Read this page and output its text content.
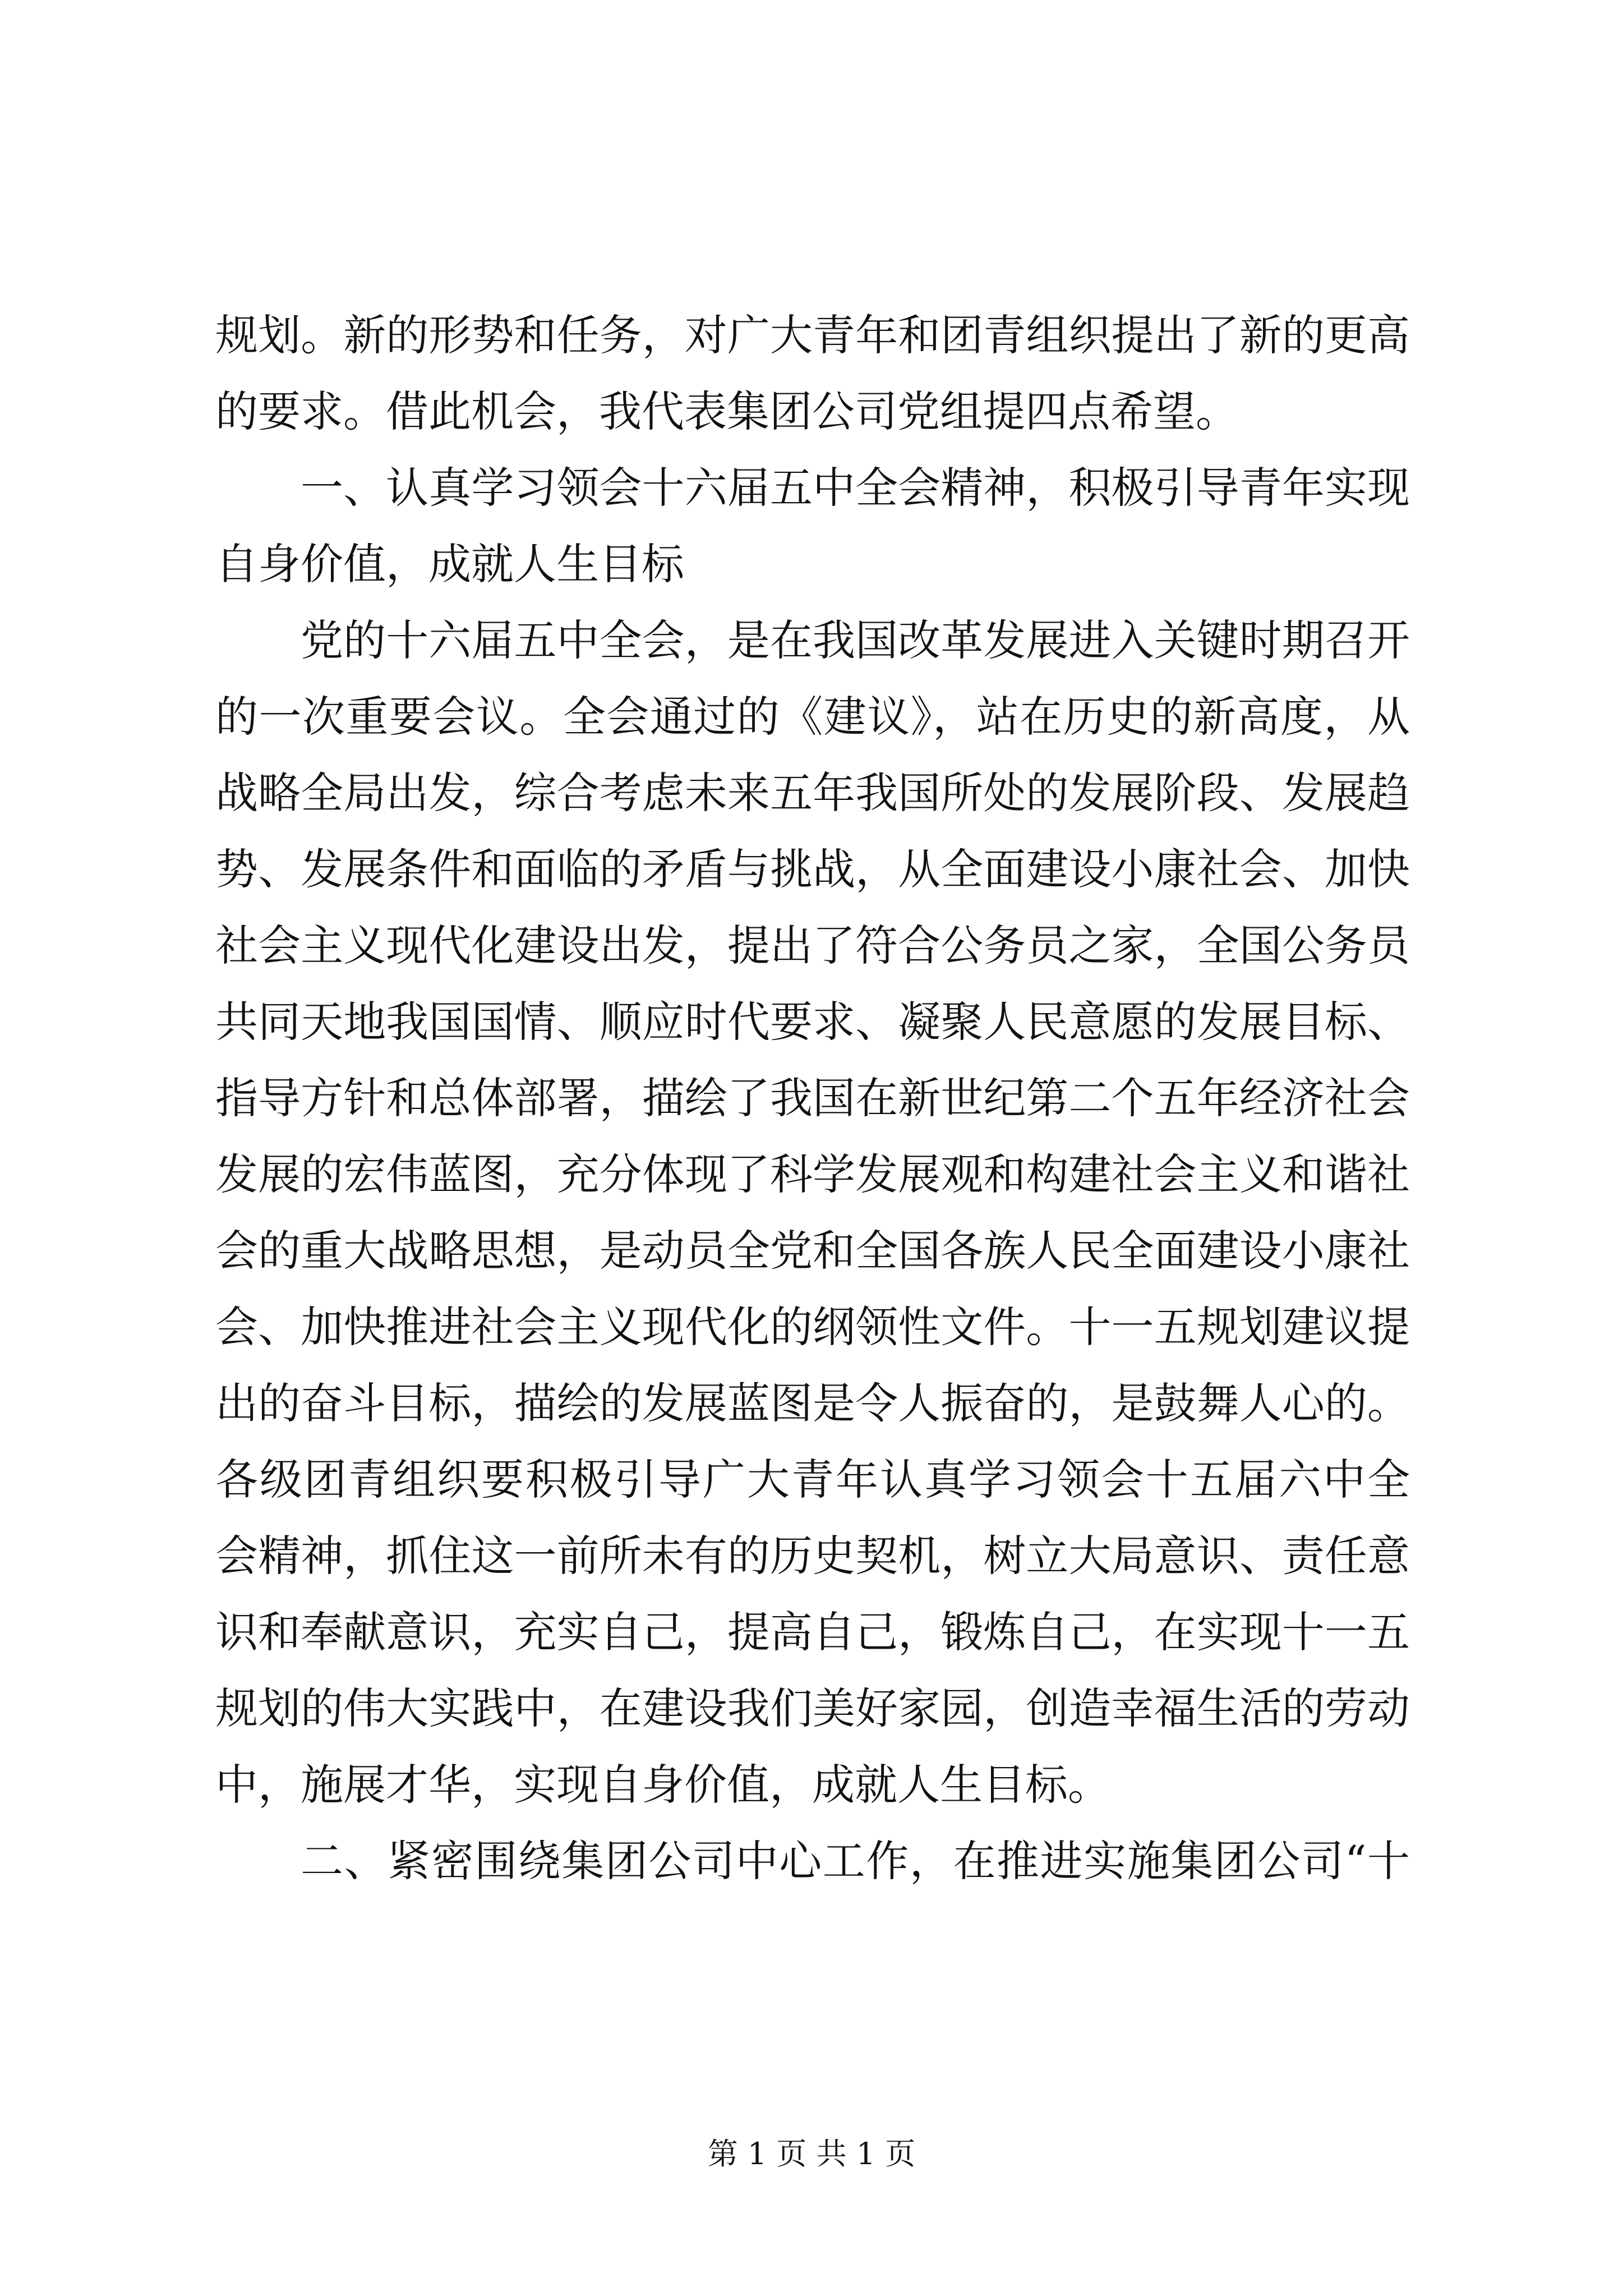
规划。新的形势和任务，对广大青年和团青组织提出了新的更高
的要求。借此机会，我代表集团公司党组提四点希望。
一、认真学习领会十六届五中全会精神，积极引导青年实现
自身价值，成就人生目标
党的十六届五中全会，是在我国改革发展进入关键时期召开
的一次重要会议。全会通过的《建议》，站在历史的新高度，从
战略全局出发，综合考虑未来五年我国所处的发展阶段、发展趋
势、发展条件和面临的矛盾与挑战，从全面建设小康社会、加快
社会主义现代化建设出发，提出了符合公务员之家，全国公务员
共同天地我国国情、顺应时代要求、凝聚人民意愿的发展目标、
指导方针和总体部署，描绘了我国在新世纪第二个五年经济社会
发展的宏伟蓝图，充分体现了科学发展观和构建社会主义和谐社
会的重大战略思想，是动员全党和全国各族人民全面建设小康社
会、加快推进社会主义现代化的纲领性文件。十一五规划建议提
出的奋斗目标，描绘的发展蓝图是令人振奋的，是鼓舞人心的。
各级团青组织要积极引导广大青年认真学习领会十五届六中全
会精神，抓住这一前所未有的历史契机，树立大局意识、责任意
识和奉献意识，充实自己，提高自己，锻炼自己，在实现十一五
规划的伟大实践中，在建设我们美好家园，创造幸福生活的劳动
中，施展才华，实现自身价值，成就人生目标。
二、紧密围绕集团公司中心工作，在推进实施集团公司“十
第 1 页 共 1 页
